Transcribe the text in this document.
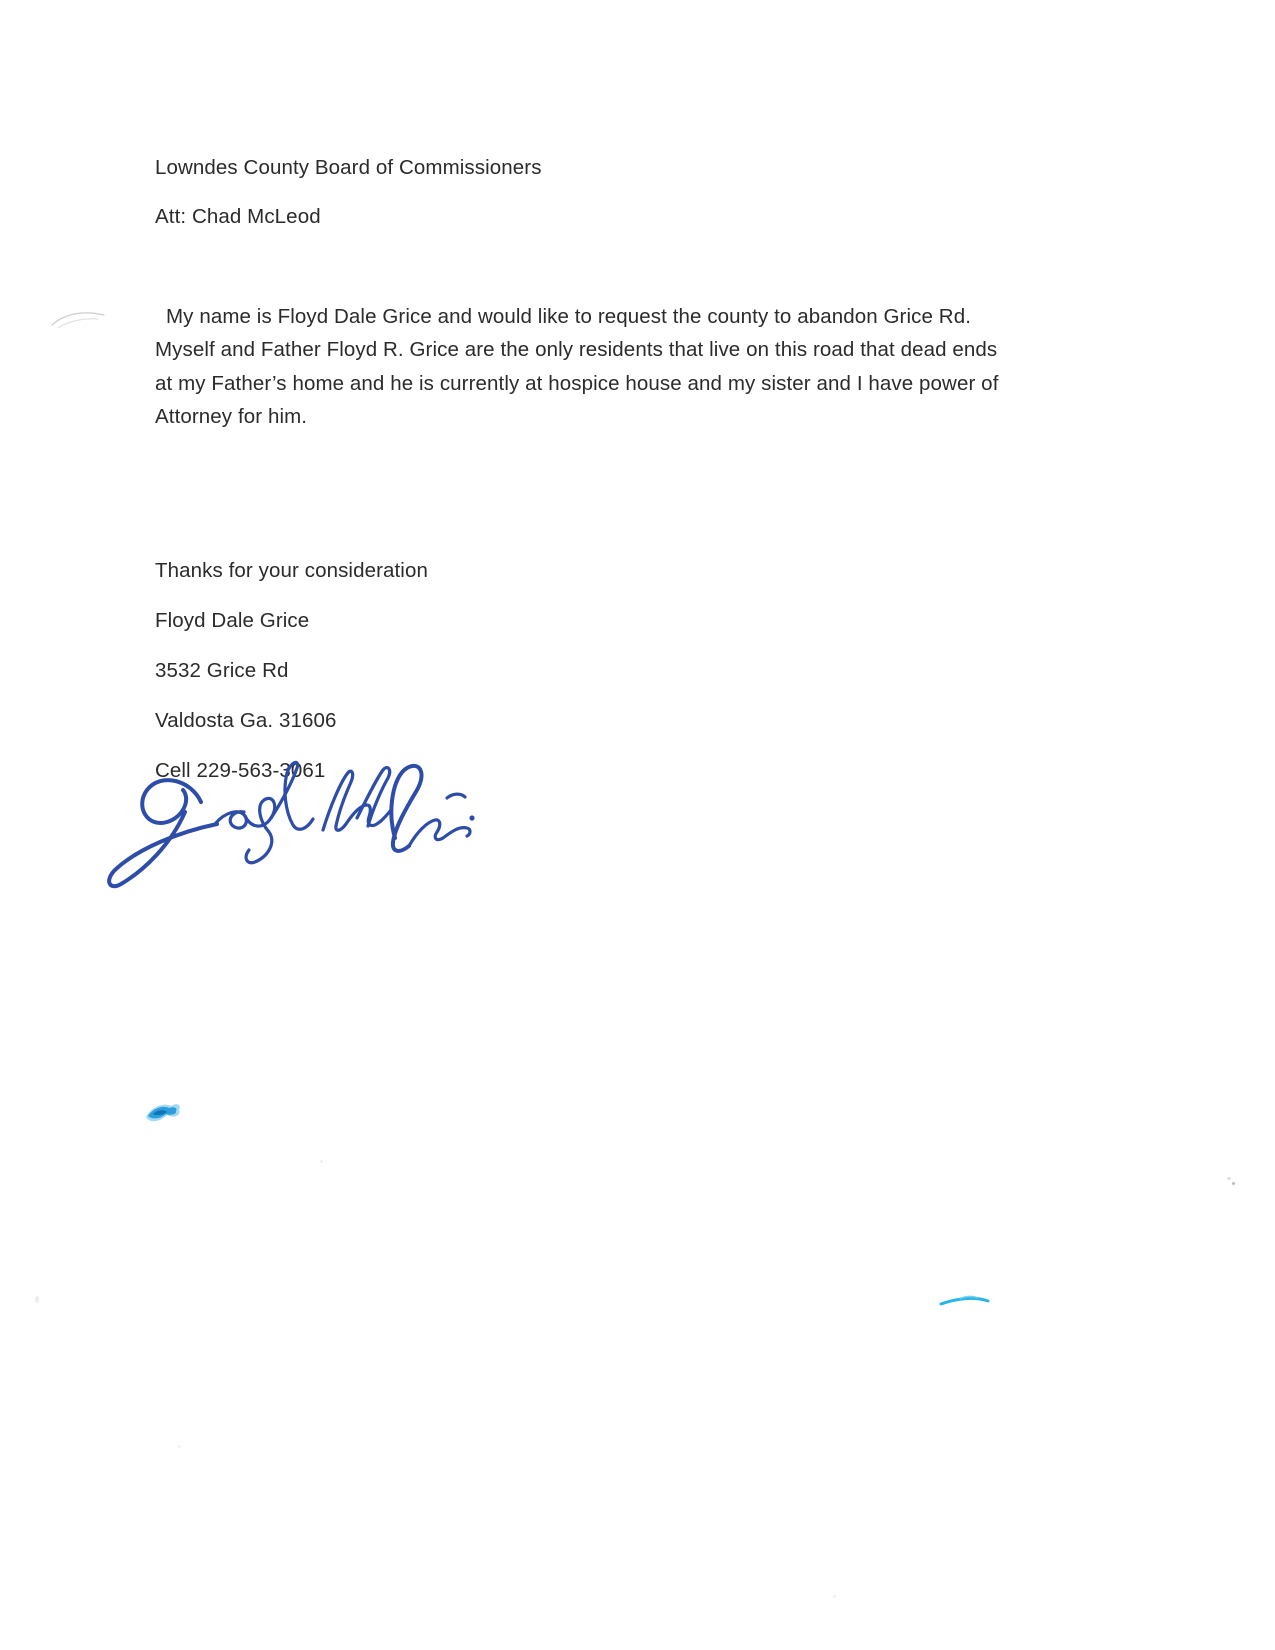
Lowndes County Board of Commissioners
Att: Chad McLeod
My name is Floyd Dale Grice and would like to request the county to abandon Grice Rd.
Myself and Father Floyd R. Grice are the only residents that live on this road that dead ends
at my Father’s home and he is currently at hospice house and my sister and I have power of
Attorney for him.
Thanks for your consideration
Floyd Dale Grice
3532 Grice Rd
Valdosta Ga. 31606
Cell 229-563-3061
